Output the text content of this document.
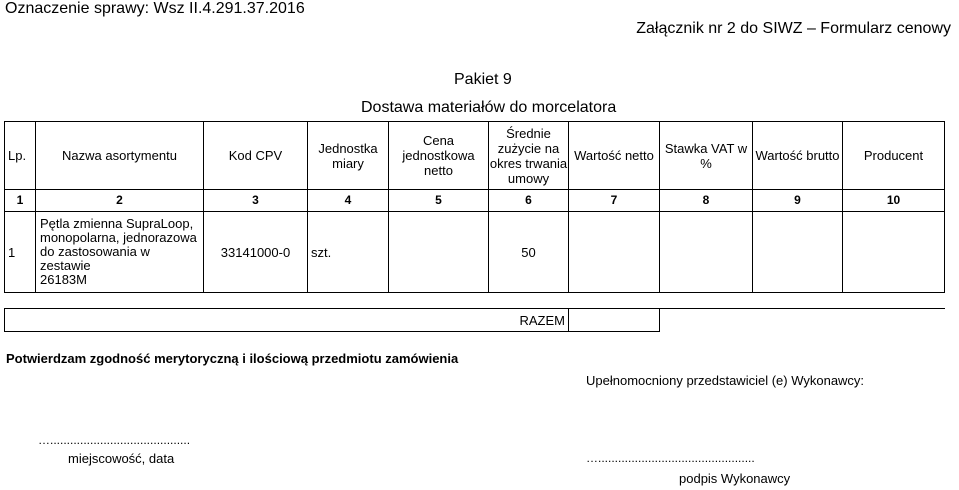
Oznaczenie sprawy: Wsz II.4.291.37.2016
Załącznik nr 2 do SIWZ – Formularz cenowy
Pakiet 9
Dostawa materiałów do morcelatora
Lp.	Nazwa asortymentu	Kod CPV	Jednostka
miary	Cena
jednostkowa
netto	Średnie
zużycie na
okres trwania
umowy	Wartość netto	Stawka VAT w
%	Wartość brutto	Producent
1	2	3	4	5	6	7	8	9	10
1	Pętla zmienna SupraLoop,
monopolarna, jednorazowa
do zastosowania w zestawie
26183M	33141000-0	szt.		50				

RAZEM									
Potwierdzam zgodność merytoryczną i ilościową przedmiotu zamówienia
Upełnomocniony przedstawiciel (e) Wykonawcy:
…..........................................
miejscowość, data	…...............................................
podpis Wykonawcy
